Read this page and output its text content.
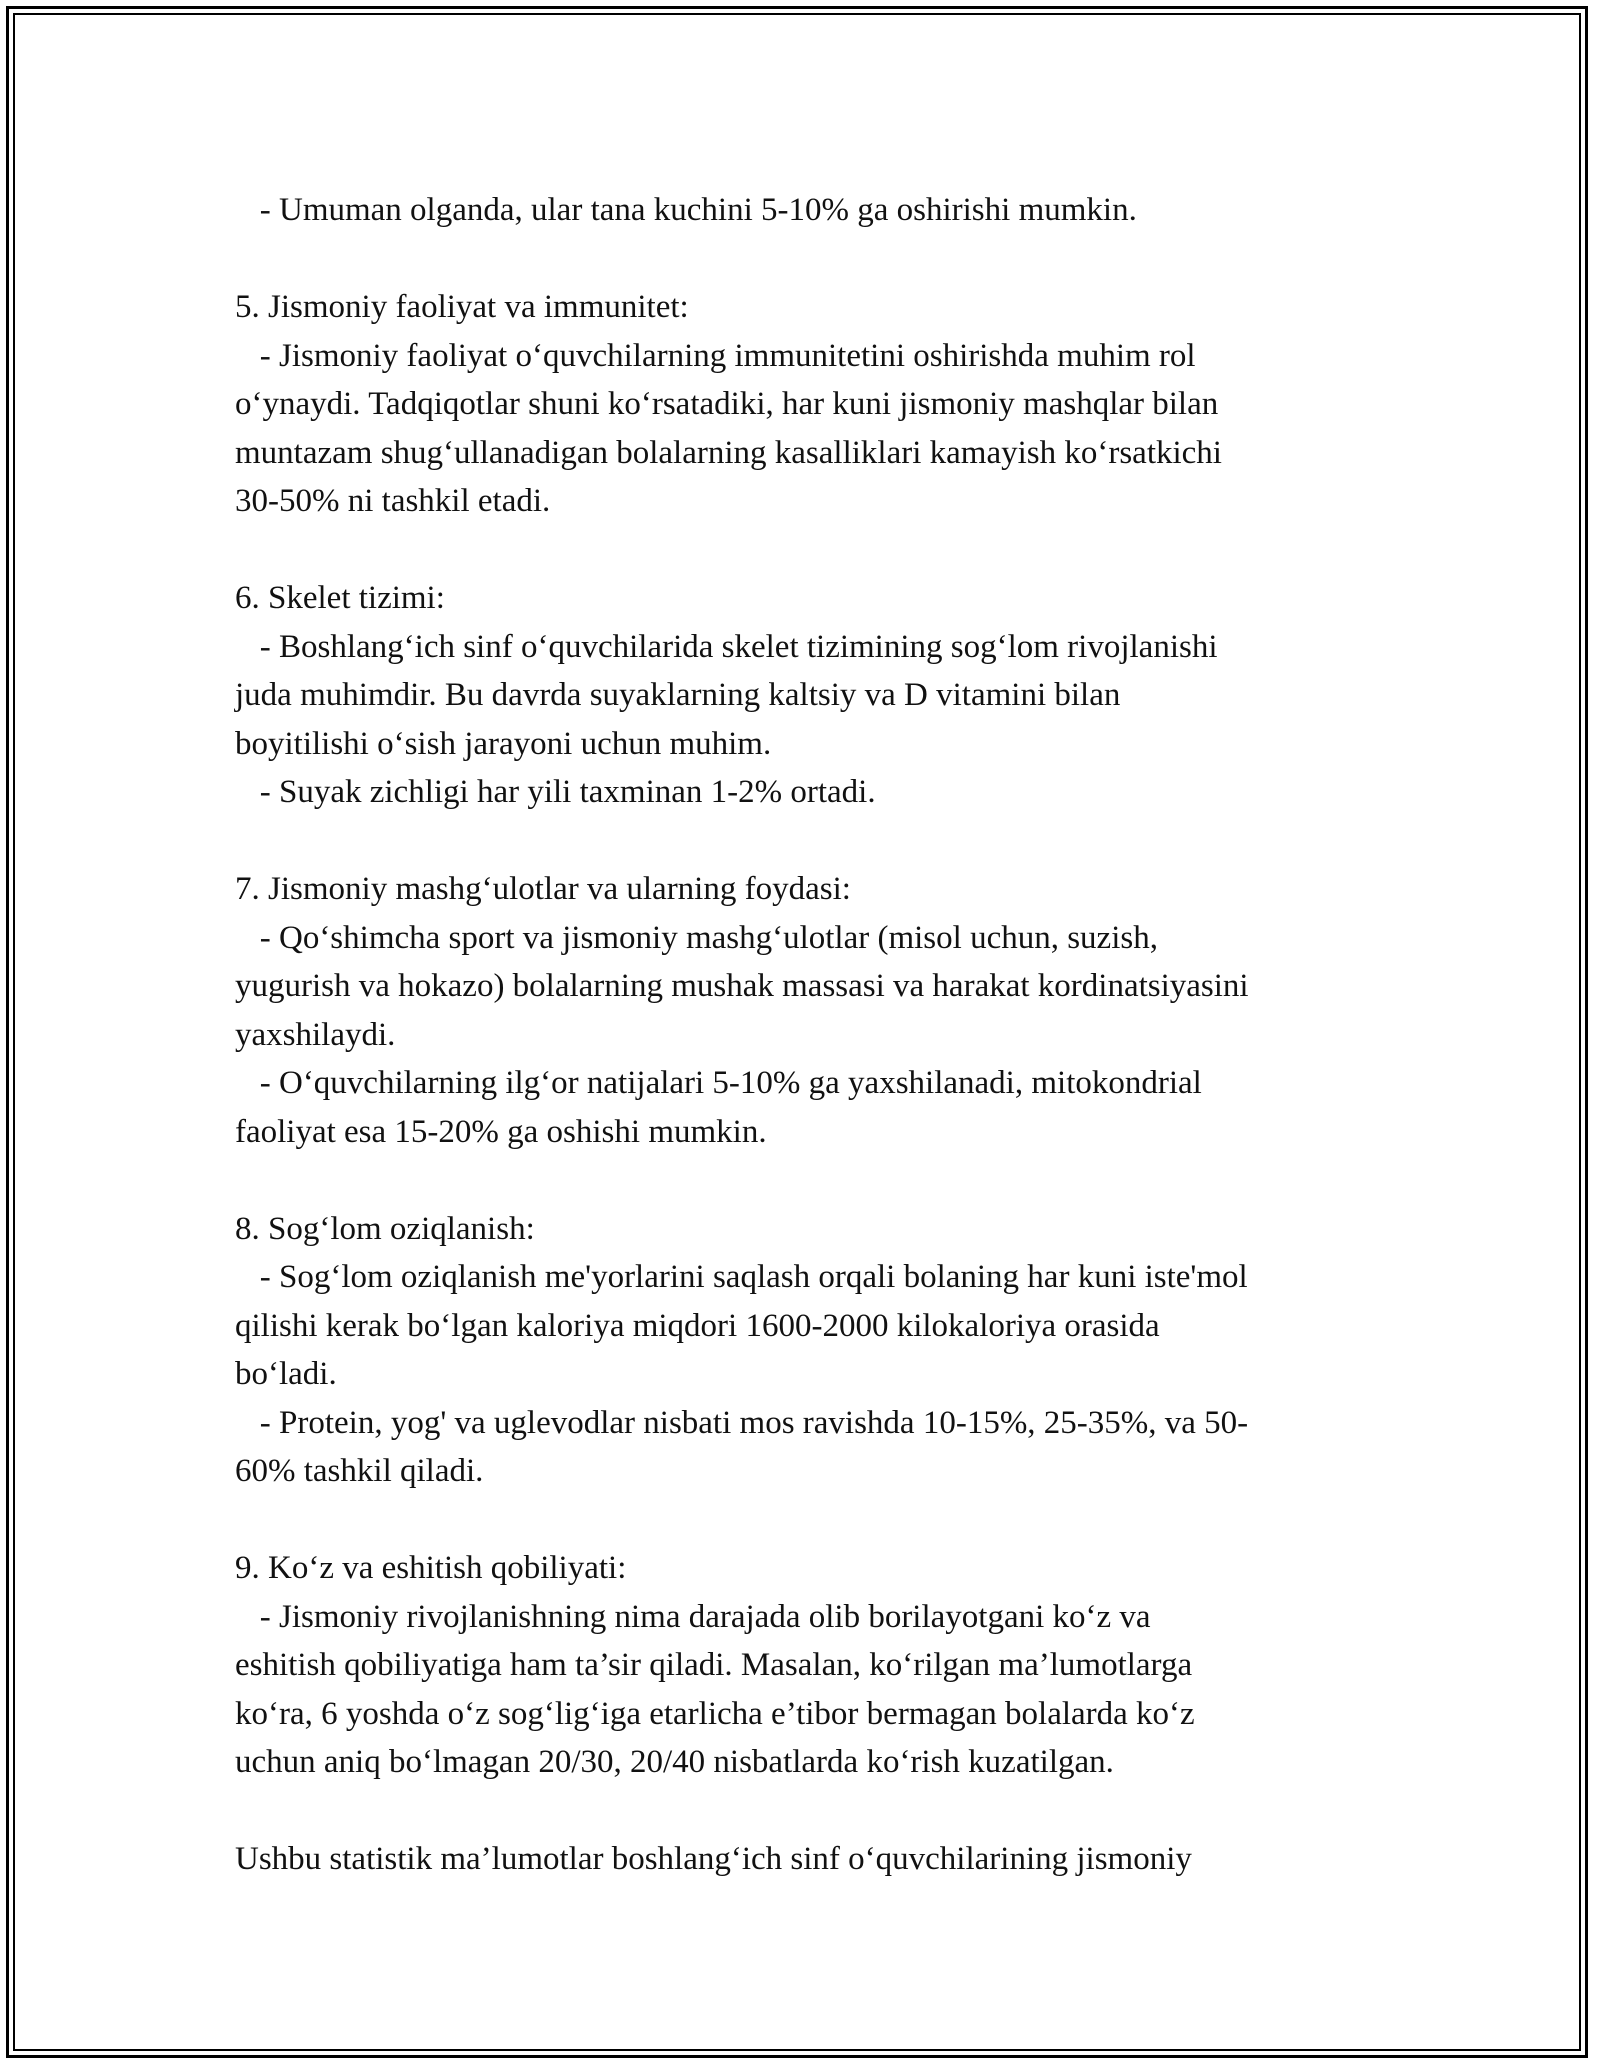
- Umuman olganda, ular tana kuchini 5-10% ga oshirishi mumkin.

5. Jismoniy faoliyat va immunitet:

- Jismoniy faoliyat o‘quvchilarning immunitetini oshirishda muhim rol

o‘ynaydi. Tadqiqotlar shuni ko‘rsatadiki, har kuni jismoniy mashqlar bilan

muntazam shug‘ullanadigan bolalarning kasalliklari kamayish ko‘rsatkichi

30-50% ni tashkil etadi.

6. Skelet tizimi:

- Boshlang‘ich sinf o‘quvchilarida skelet tizimining sog‘lom rivojlanishi

juda muhimdir. Bu davrda suyaklarning kaltsiy va D vitamini bilan

boyitilishi o‘sish jarayoni uchun muhim.

- Suyak zichligi har yili taxminan 1-2% ortadi.

7. Jismoniy mashg‘ulotlar va ularning foydasi:

- Qo‘shimcha sport va jismoniy mashg‘ulotlar (misol uchun, suzish,

yugurish va hokazo) bolalarning mushak massasi va harakat kordinatsiyasini

yaxshilaydi.

- O‘quvchilarning ilg‘or natijalari 5-10% ga yaxshilanadi, mitokondrial

faoliyat esa 15-20% ga oshishi mumkin.

8. Sog‘lom oziqlanish:

- Sog‘lom oziqlanish me'yorlarini saqlash orqali bolaning har kuni iste'mol

qilishi kerak bo‘lgan kaloriya miqdori 1600-2000 kilokaloriya orasida

bo‘ladi.

- Protein, yog' va uglevodlar nisbati mos ravishda 10-15%, 25-35%, va 50-

60% tashkil qiladi.

9. Ko‘z va eshitish qobiliyati:

- Jismoniy rivojlanishning nima darajada olib borilayotgani ko‘z va

eshitish qobiliyatiga ham ta’sir qiladi. Masalan, ko‘rilgan ma’lumotlarga

ko‘ra, 6 yoshda o‘z sog‘lig‘iga etarlicha e’tibor bermagan bolalarda ko‘z

uchun aniq bo‘lmagan 20/30, 20/40 nisbatlarda ko‘rish kuzatilgan.

Ushbu statistik ma’lumotlar boshlang‘ich sinf o‘quvchilarining jismoniy
